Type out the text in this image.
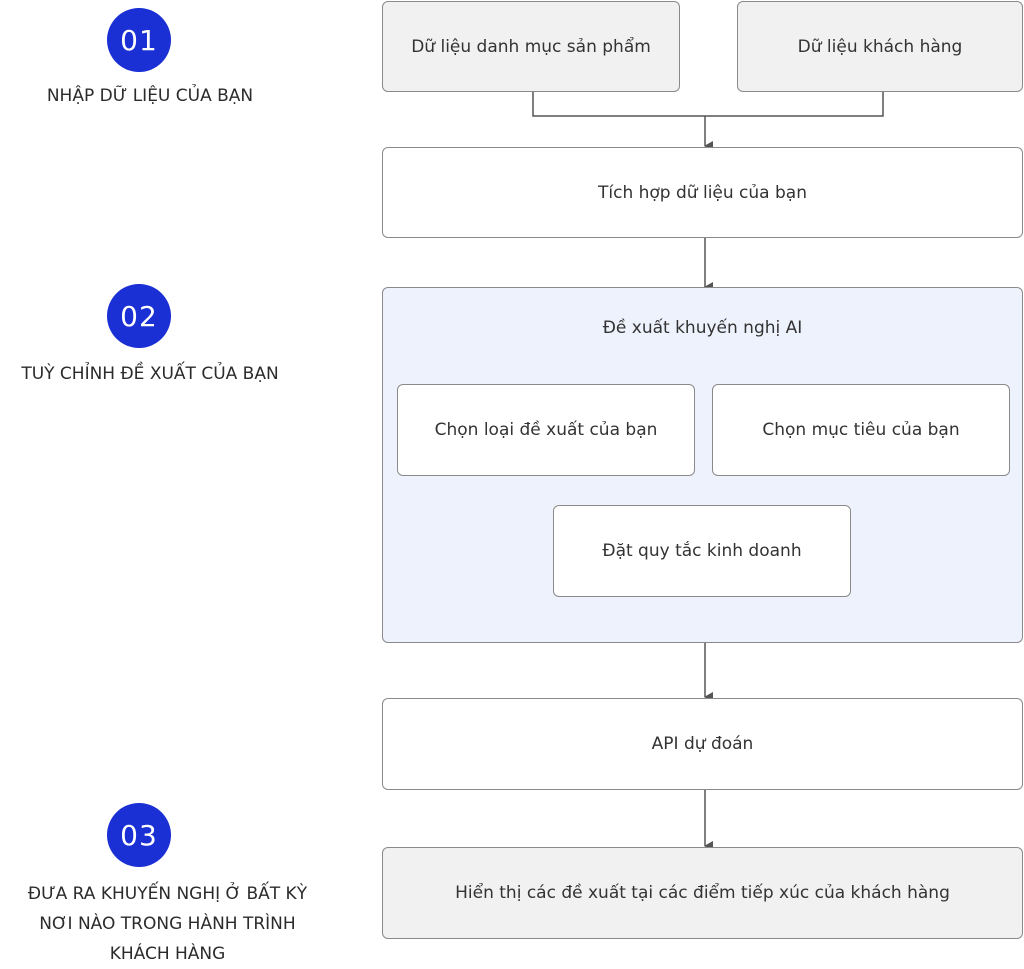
01
NHẬP DỮ LIỆU CỦA BẠN
02
TUỲ CHỈNH ĐỀ XUẤT CỦA BẠN
03
ĐƯA RA KHUYẾN NGHỊ Ở BẤT KỲ
NƠI NÀO TRONG HÀNH TRÌNH
KHÁCH HÀNG
Dữ liệu danh mục sản phẩm	Dữ liệu khách hàng
Tích hợp dữ liệu của bạn
Đề xuất khuyến nghị AI
Chọn loại đề xuất của bạn	Chọn mục tiêu của bạn
Đặt quy tắc kinh doanh
API dự đoán
Hiển thị các đề xuất tại các điểm tiếp xúc của khách hàng
